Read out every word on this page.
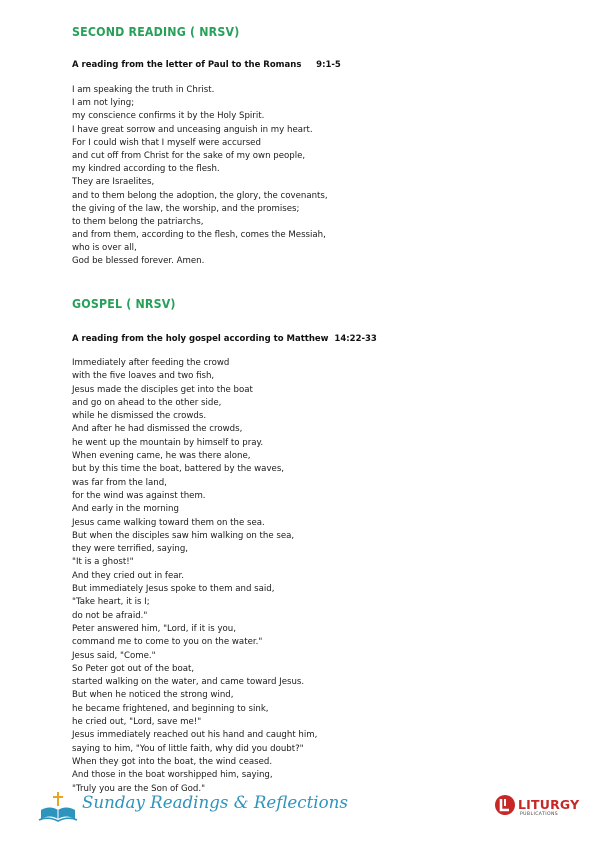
SECOND READING ( NRSV)

A reading from the letter of Paul to the Romans     9:1-5

I am speaking the truth in Christ.
I am not lying;
my conscience confirms it by the Holy Spirit.
I have great sorrow and unceasing anguish in my heart.
For I could wish that I myself were accursed
and cut off from Christ for the sake of my own people,
my kindred according to the flesh.
They are Israelites,
and to them belong the adoption, the glory, the covenants,
the giving of the law, the worship, and the promises;
to them belong the patriarchs,
and from them, according to the flesh, comes the Messiah,
who is over all,
God be blessed forever. Amen.
GOSPEL ( NRSV)

A reading from the holy gospel according to Matthew  14:22-33

Immediately after feeding the crowd
with the five loaves and two fish,
Jesus made the disciples get into the boat
and go on ahead to the other side,
while he dismissed the crowds.
And after he had dismissed the crowds,
he went up the mountain by himself to pray.
When evening came, he was there alone,
but by this time the boat, battered by the waves,
was far from the land,
for the wind was against them.
And early in the morning
Jesus came walking toward them on the sea.
But when the disciples saw him walking on the sea,
they were terrified, saying,
"It is a ghost!"
And they cried out in fear.
But immediately Jesus spoke to them and said,
"Take heart, it is I;
do not be afraid."
Peter answered him, "Lord, if it is you,
command me to come to you on the water."
Jesus said, "Come."
So Peter got out of the boat,
started walking on the water, and came toward Jesus.
But when he noticed the strong wind,
he became frightened, and beginning to sink,
he cried out, "Lord, save me!"
Jesus immediately reached out his hand and caught him,
saying to him, "You of little faith, why did you doubt?"
When they got into the boat, the wind ceased.
And those in the boat worshipped him, saying,
"Truly you are the Son of God."
Sunday Readings & Reflections	LITURGY
PUBLICATIONS
